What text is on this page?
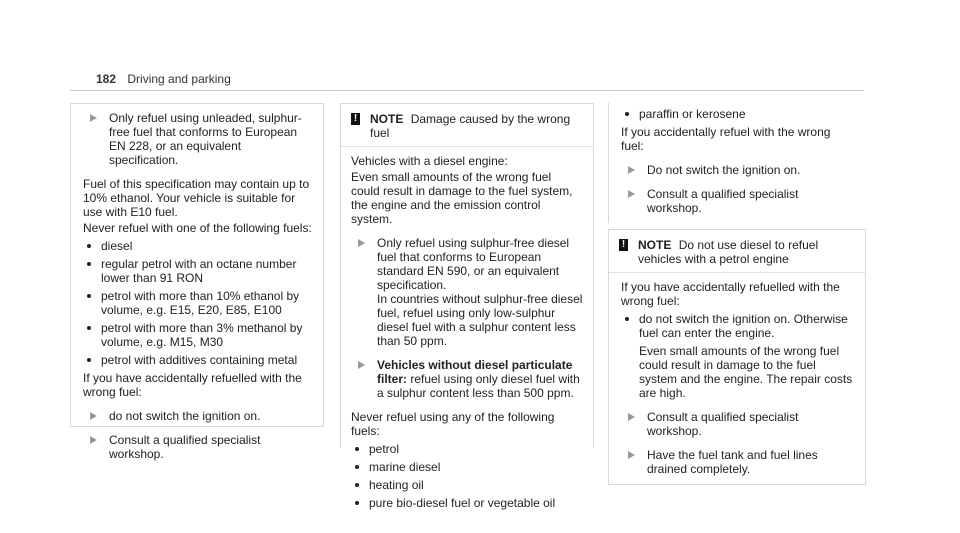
182 Driving and parking
Only refuel using unleaded, sulphur-free fuel that conforms to European EN 228, or an equivalent specification.

Fuel of this specification may contain up to 10% ethanol. Your vehicle is suitable for use with E10 fuel.

Never refuel with one of the following fuels:

diesel
regular petrol with an octane number lower than 91 RON
petrol with more than 10% ethanol by volume, e.g. E15, E20, E85, E100
petrol with more than 3% methanol by volume, e.g. M15, M30
petrol with additives containing metal

If you have accidentally refuelled with the wrong fuel:

do not switch the ignition on.
Consult a qualified specialist workshop.
! NOTE Damage caused by the wrong fuel

Vehicles with a diesel engine:

Even small amounts of the wrong fuel could result in damage to the fuel system, the engine and the emission control system.

Only refuel using sulphur-free diesel fuel that conforms to European standard EN 590, or an equivalent specification.
In countries without sulphur-free diesel fuel, refuel using only low-sulphur diesel fuel with a sulphur content less than 50 ppm.
Vehicles without diesel particulate filter: refuel using only diesel fuel with a sulphur content less than 500 ppm.

Never refuel using any of the following fuels:

petrol
marine diesel
heating oil
pure bio-diesel fuel or vegetable oil
paraffin or kerosene

If you accidentally refuel with the wrong fuel:

Do not switch the ignition on.
Consult a qualified specialist workshop.
! NOTE Do not use diesel to refuel vehicles with a petrol engine

If you have accidentally refuelled with the wrong fuel:

do not switch the ignition on. Otherwise fuel can enter the engine.
Even small amounts of the wrong fuel could result in damage to the fuel system and the engine. The repair costs are high.
Consult a qualified specialist workshop.
Have the fuel tank and fuel lines drained completely.
